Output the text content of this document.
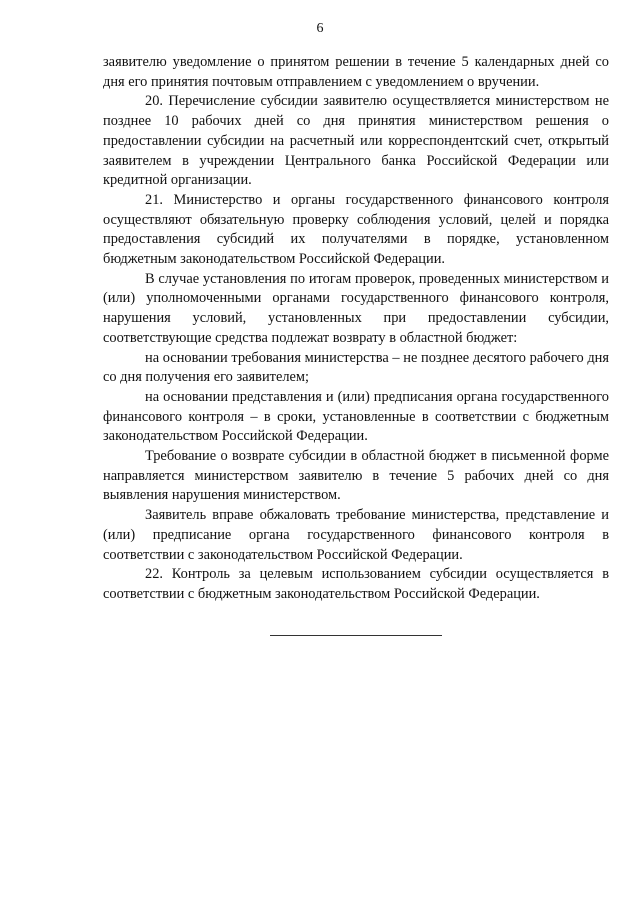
6

заявителю уведомление о принятом решении в течение 5 календарных дней со дня его принятия почтовым отправлением с уведомлением о вручении.

20. Перечисление субсидии заявителю осуществляется министерством не позднее 10 рабочих дней со дня принятия министерством решения о предоставлении субсидии на расчетный или корреспондентский счет, открытый заявителем в учреждении Центрального банка Российской Федерации или кредитной организации.

21. Министерство и органы государственного финансового контроля осуществляют обязательную проверку соблюдения условий, целей и порядка предоставления субсидий их получателями в порядке, установленном бюджетным законодательством Российской Федерации.

В случае установления по итогам проверок, проведенных министерством и (или) уполномоченными органами государственного финансового контроля, нарушения условий, установленных при предоставлении субсидии, соответствующие средства подлежат возврату в областной бюджет:

на основании требования министерства – не позднее десятого рабочего дня со дня получения его заявителем;

на основании представления и (или) предписания органа государственного финансового контроля – в сроки, установленные в соответствии с бюджетным законодательством Российской Федерации.

Требование о возврате субсидии в областной бюджет в письменной форме направляется министерством заявителю в течение 5 рабочих дней со дня выявления нарушения министерством.

Заявитель вправе обжаловать требование министерства, представление и (или) предписание органа государственного финансового контроля в соответствии с законодательством Российской Федерации.

22. Контроль за целевым использованием субсидии осуществляется в соответствии с бюджетным законодательством Российской Федерации.
